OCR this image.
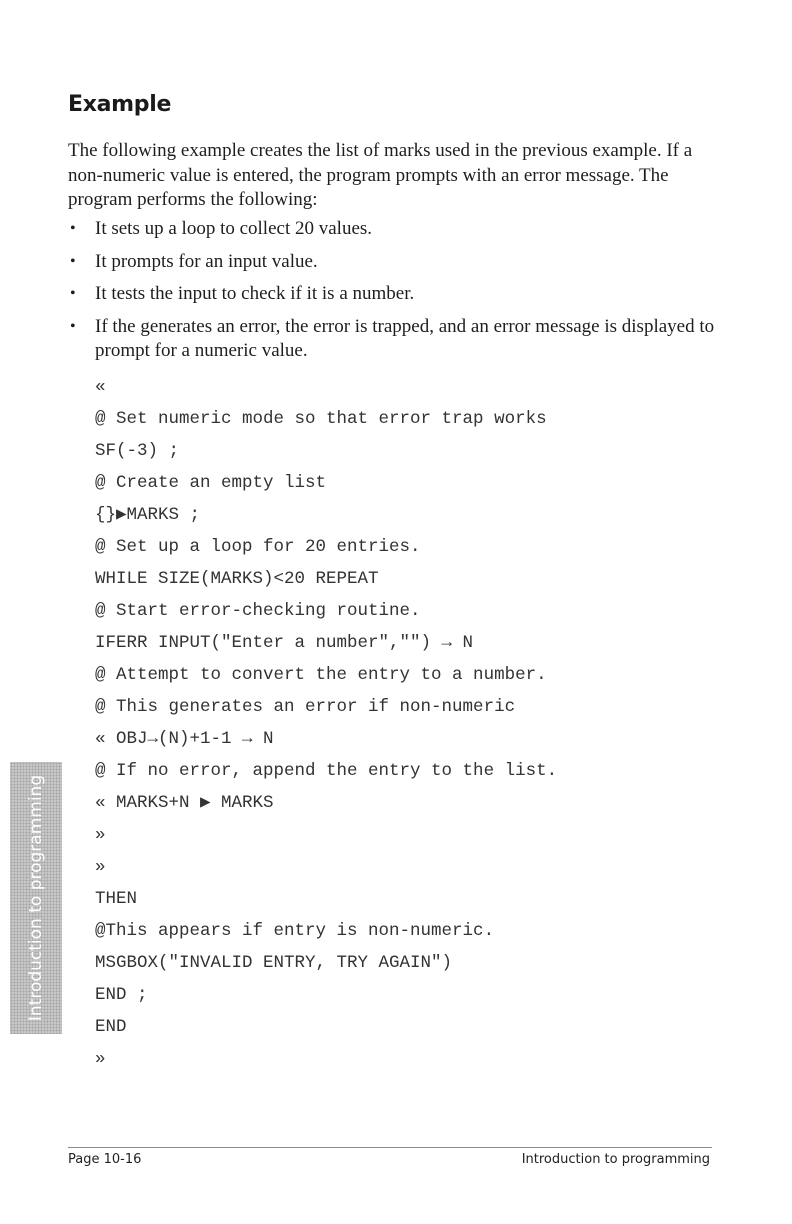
Example

The following example creates the list of marks used in the previous example. If a non-numeric value is entered, the program prompts with an error message. The program performs the following:

• It sets up a loop to collect 20 values.
• It prompts for an input value.
• It tests the input to check if it is a number.
• If the generates an error, the error is trapped, and an error message is displayed to prompt for a numeric value.
«
@ Set numeric mode so that error trap works
SF(-3) ;
@ Create an empty list
{}▶MARKS ;
@ Set up a loop for 20 entries.
WHILE SIZE(MARKS)<20 REPEAT
@ Start error-checking routine.
IFERR INPUT("Enter a number","") → N
@ Attempt to convert the entry to a number.
@ This generates an error if non-numeric
« OBJ→(N)+1-1 → N
@ If no error, append the entry to the list.
« MARKS+N ▶ MARKS
»
»
THEN
@This appears if entry is non-numeric.
MSGBOX("INVALID ENTRY, TRY AGAIN")
END ;
END
»
Introduction to programming
Page 10-16	Introduction to programming
